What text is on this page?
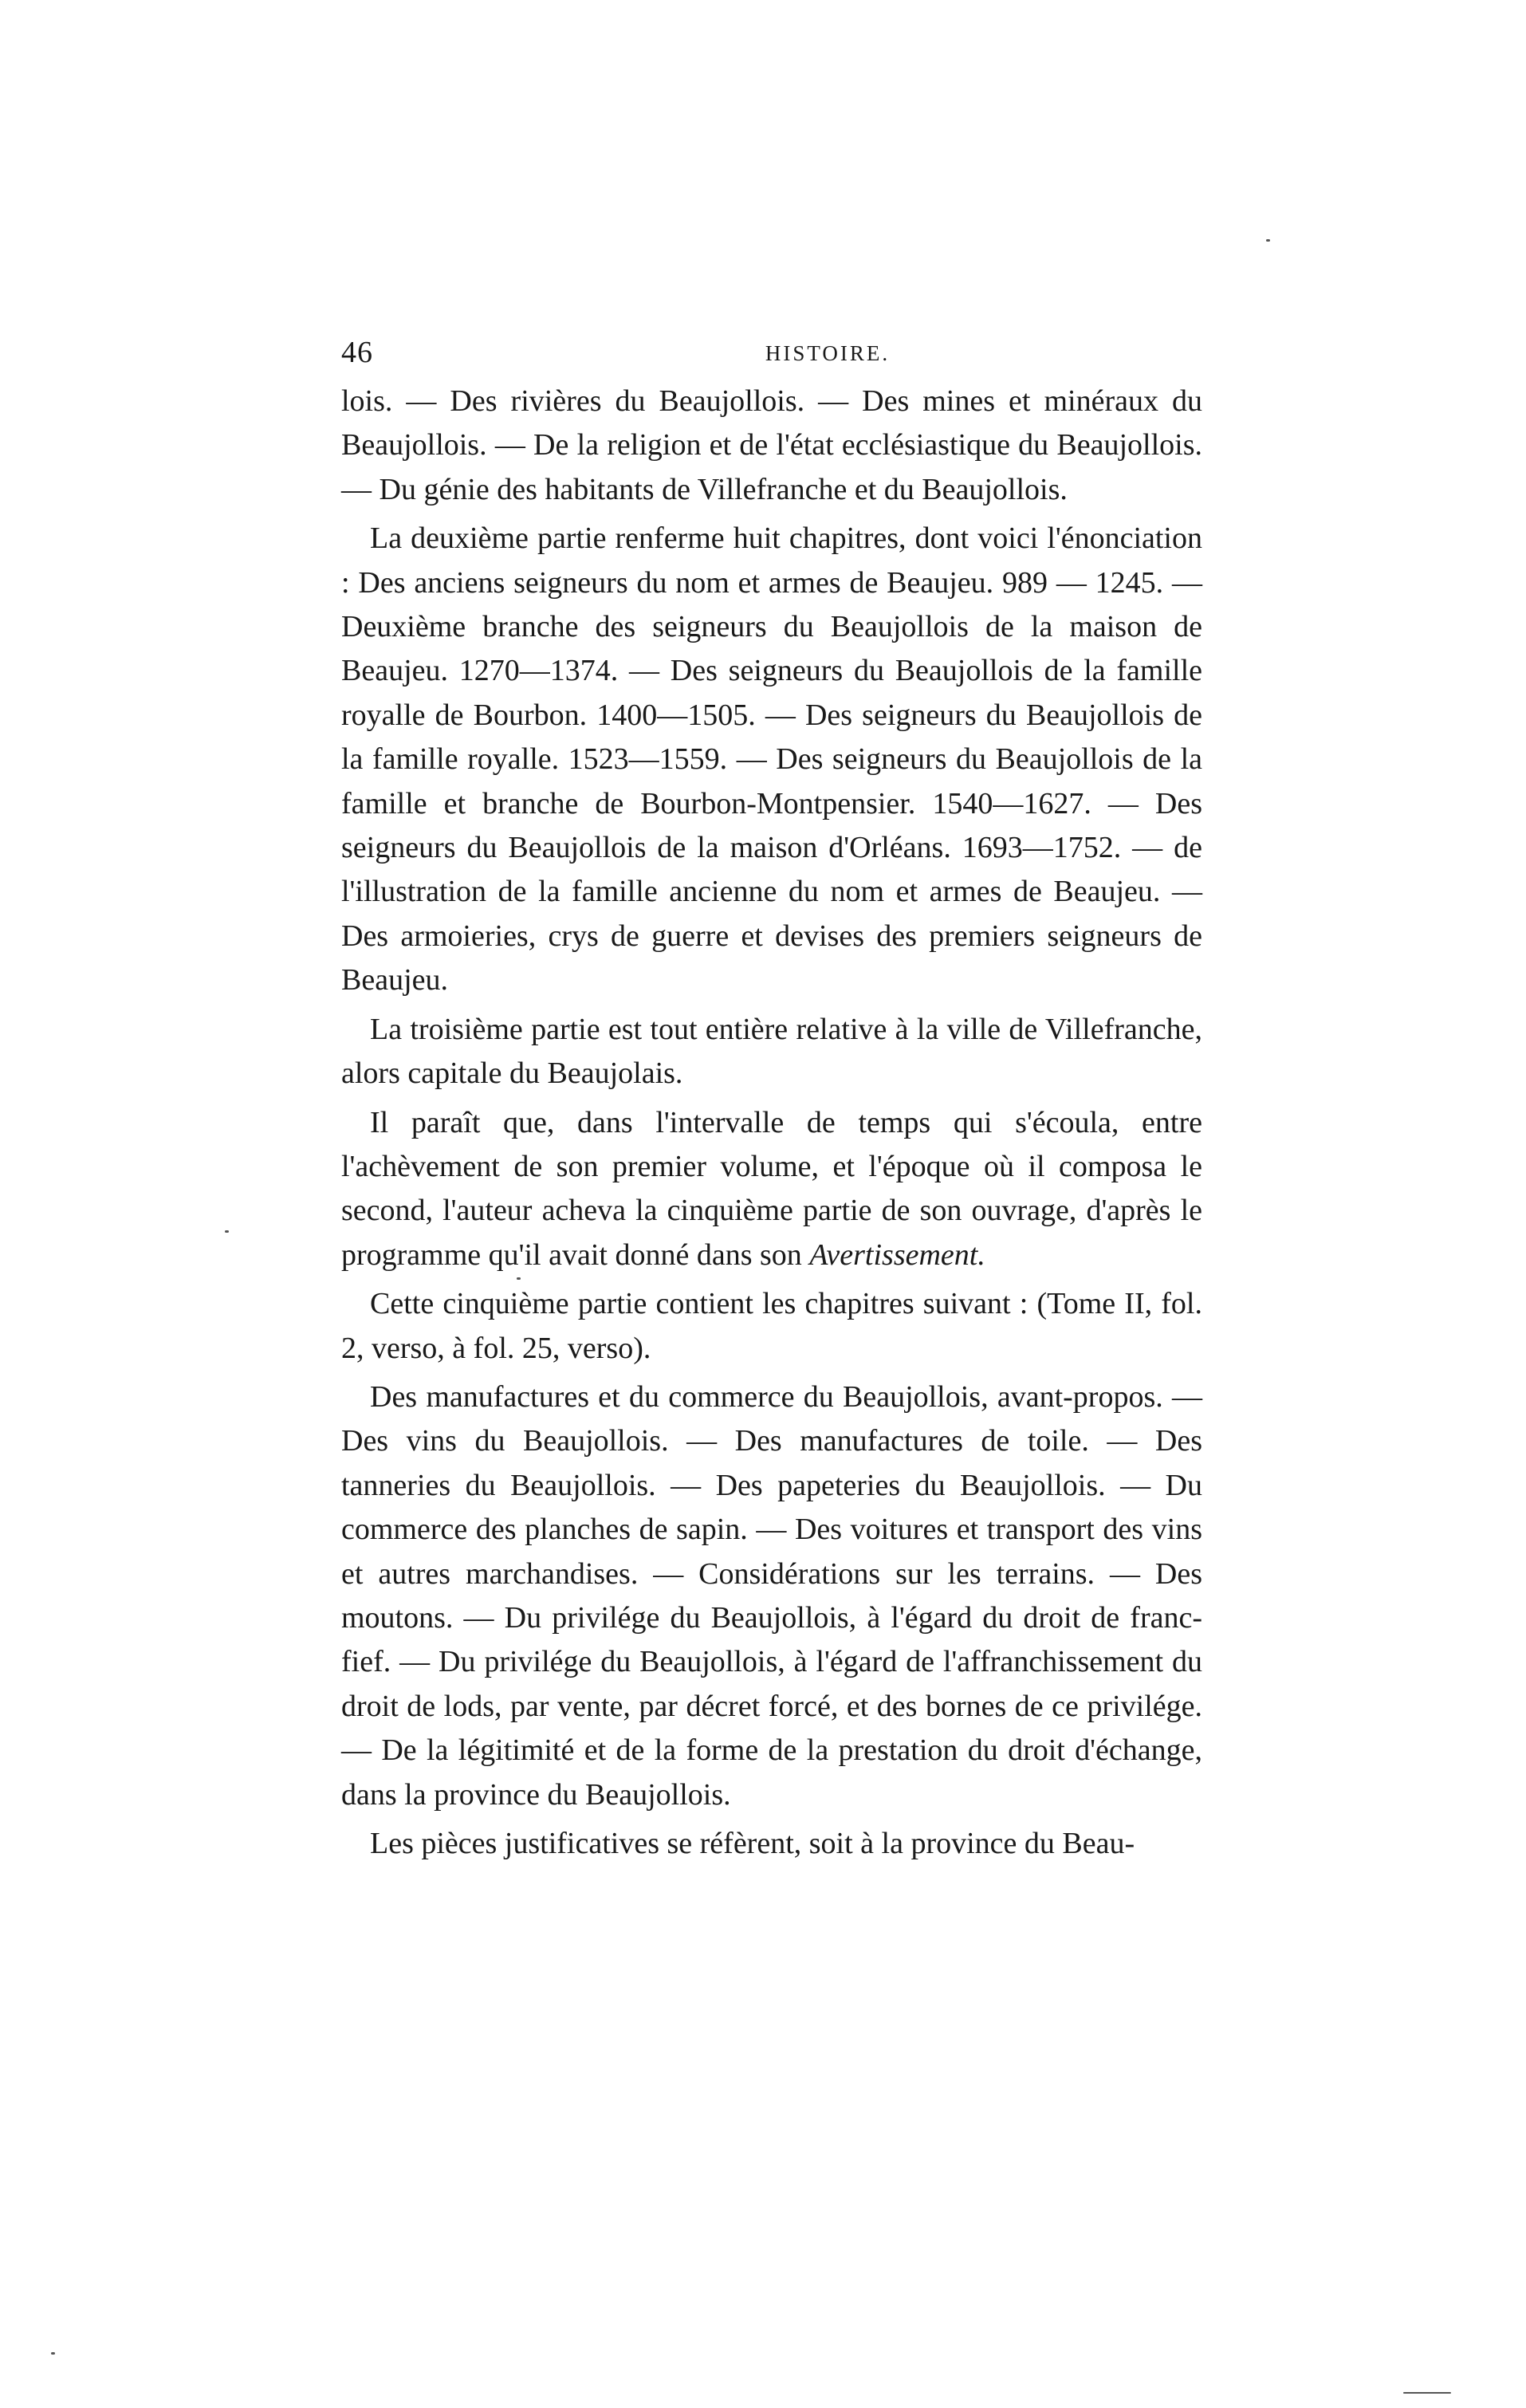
46	HISTOIRE.

lois. — Des rivières du Beaujollois. — Des mines et minéraux du Beaujollois. — De la religion et de l'état ecclésiastique du Beaujollois. — Du génie des habitants de Villefranche et du Beaujollois.

La deuxième partie renferme huit chapitres, dont voici l'énonciation : Des anciens seigneurs du nom et armes de Beaujeu. 989 — 1245. — Deuxième branche des seigneurs du Beaujollois de la maison de Beaujeu. 1270—1374. — Des seigneurs du Beaujollois de la famille royalle de Bourbon. 1400—1505. — Des seigneurs du Beaujollois de la famille royalle. 1523—1559. — Des seigneurs du Beaujollois de la famille et branche de Bourbon-Montpensier. 1540—1627. — Des seigneurs du Beaujollois de la maison d'Orléans. 1693—1752. — de l'illustration de la famille ancienne du nom et armes de Beaujeu. — Des armoieries, crys de guerre et devises des premiers seigneurs de Beaujeu.

La troisième partie est tout entière relative à la ville de Villefranche, alors capitale du Beaujolais.

Il paraît que, dans l'intervalle de temps qui s'écoula, entre l'achèvement de son premier volume, et l'époque où il composa le second, l'auteur acheva la cinquième partie de son ouvrage, d'après le programme qu'il avait donné dans son Avertissement.

Cette cinquième partie contient les chapitres suivant : (Tome II, fol. 2, verso, à fol. 25, verso).

Des manufactures et du commerce du Beaujollois, avant-propos. — Des vins du Beaujollois. — Des manufactures de toile. — Des tanneries du Beaujollois. — Des papeteries du Beaujollois. — Du commerce des planches de sapin. — Des voitures et transport des vins et autres marchandises. — Considérations sur les terrains. — Des moutons. — Du privilége du Beaujollois, à l'égard du droit de franc-fief. — Du privilége du Beaujollois, à l'égard de l'affranchissement du droit de lods, par vente, par décret forcé, et des bornes de ce privilége. — De la légitimité et de la forme de la prestation du droit d'échange, dans la province du Beaujollois.

Les pièces justificatives se réfèrent, soit à la province du Beau-
